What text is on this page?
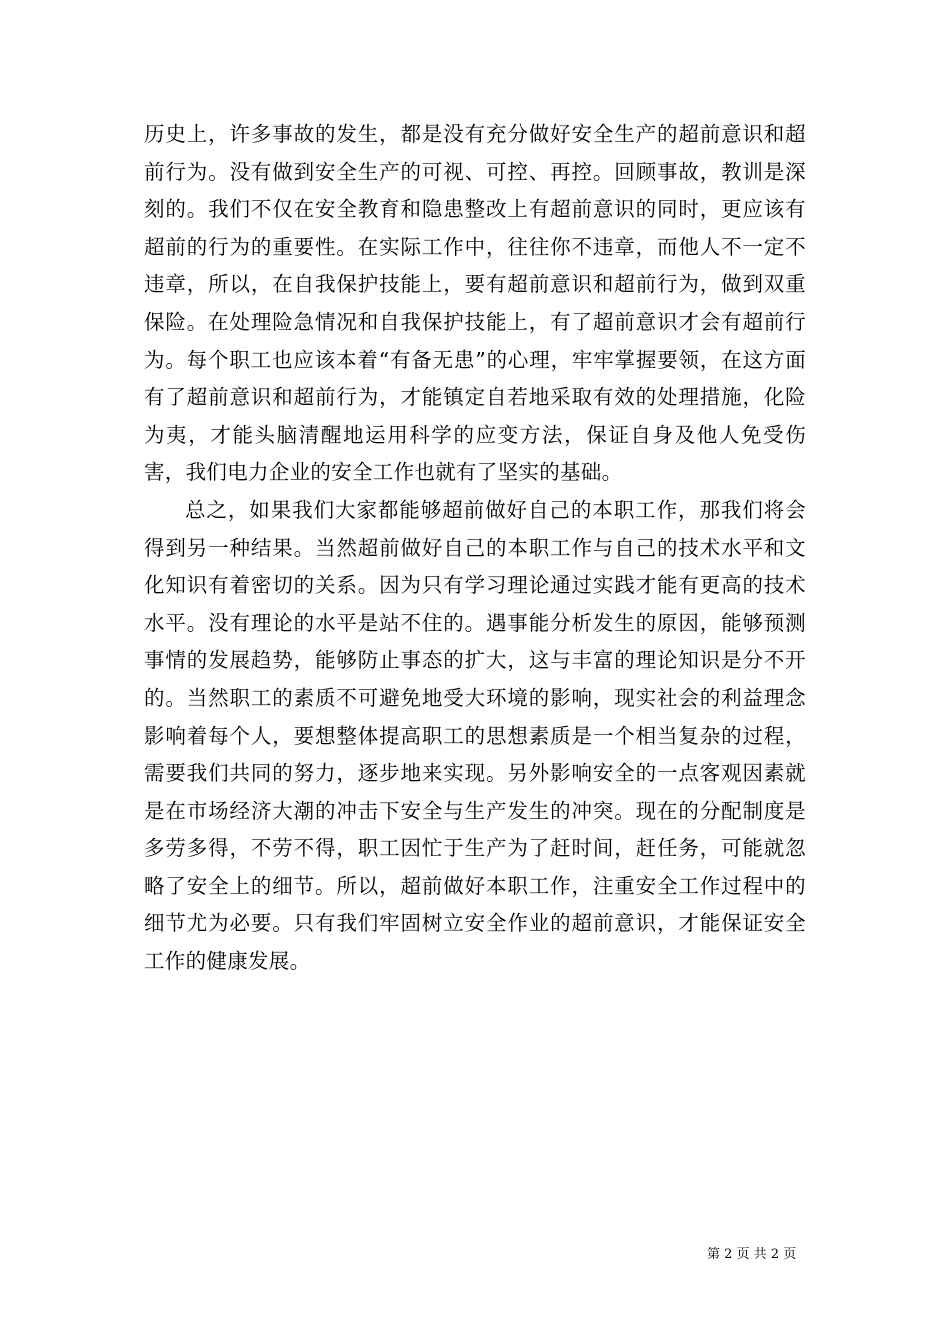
历史上，许多事故的发生，都是没有充分做好安全生产的超前意识和超前行为。没有做到安全生产的可视、可控、再控。回顾事故，教训是深刻的。我们不仅在安全教育和隐患整改上有超前意识的同时，更应该有超前的行为的重要性。在实际工作中，往往你不违章，而他人不一定不违章，所以，在自我保护技能上，要有超前意识和超前行为，做到双重保险。在处理险急情况和自我保护技能上，有了超前意识才会有超前行为。每个职工也应该本着“有备无患”的心理，牢牢掌握要领，在这方面有了超前意识和超前行为，才能镇定自若地采取有效的处理措施，化险为夷，才能头脑清醒地运用科学的应变方法，保证自身及他人免受伤害，我们电力企业的安全工作也就有了坚实的基础。

总之，如果我们大家都能够超前做好自己的本职工作，那我们将会得到另一种结果。当然超前做好自己的本职工作与自己的技术水平和文化知识有着密切的关系。因为只有学习理论通过实践才能有更高的技术水平。没有理论的水平是站不住的。遇事能分析发生的原因，能够预测事情的发展趋势，能够防止事态的扩大，这与丰富的理论知识是分不开的。当然职工的素质不可避免地受大环境的影响，现实社会的利益理念影响着每个人，要想整体提高职工的思想素质是一个相当复杂的过程，需要我们共同的努力，逐步地来实现。另外影响安全的一点客观因素就是在市场经济大潮的冲击下安全与生产发生的冲突。现在的分配制度是多劳多得，不劳不得，职工因忙于生产为了赶时间，赶任务，可能就忽略了安全上的细节。所以，超前做好本职工作，注重安全工作过程中的细节尤为必要。只有我们牢固树立安全作业的超前意识，才能保证安全工作的健康发展。

第 2 页 共 2 页
